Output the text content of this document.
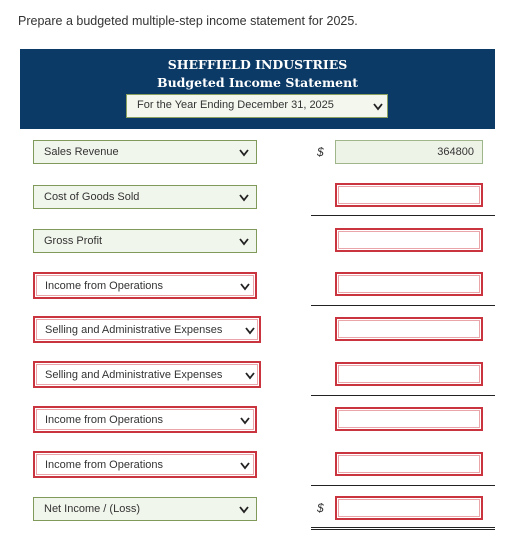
Prepare a budgeted multiple-step income statement for 2025.
SHEFFIELD INDUSTRIES
Budgeted Income Statement
For the Year Ending December 31, 2025
Sales Revenue	$	364800
Cost of Goods Sold
Gross Profit
Income from Operations
Selling and Administrative Expenses
Selling and Administrative Expenses
Income from Operations
Income from Operations
Net Income / (Loss)	$
